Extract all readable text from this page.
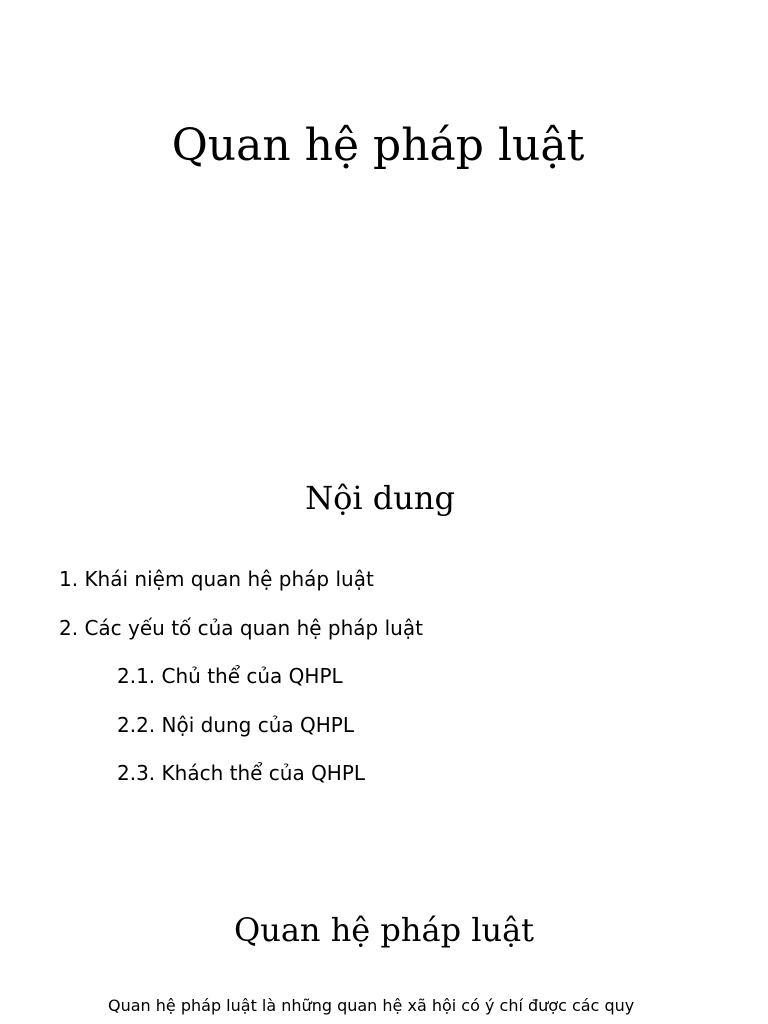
Quan hệ pháp luật
Nội dung
1. Khái niệm quan hệ pháp luật
2. Các yếu tố của quan hệ pháp luật
2.1. Chủ thể của QHPL
2.2. Nội dung của QHPL
2.3. Khách thể của QHPL
Quan hệ pháp luật

Quan hệ pháp luật là những quan hệ xã hội có ý chí được các quy
